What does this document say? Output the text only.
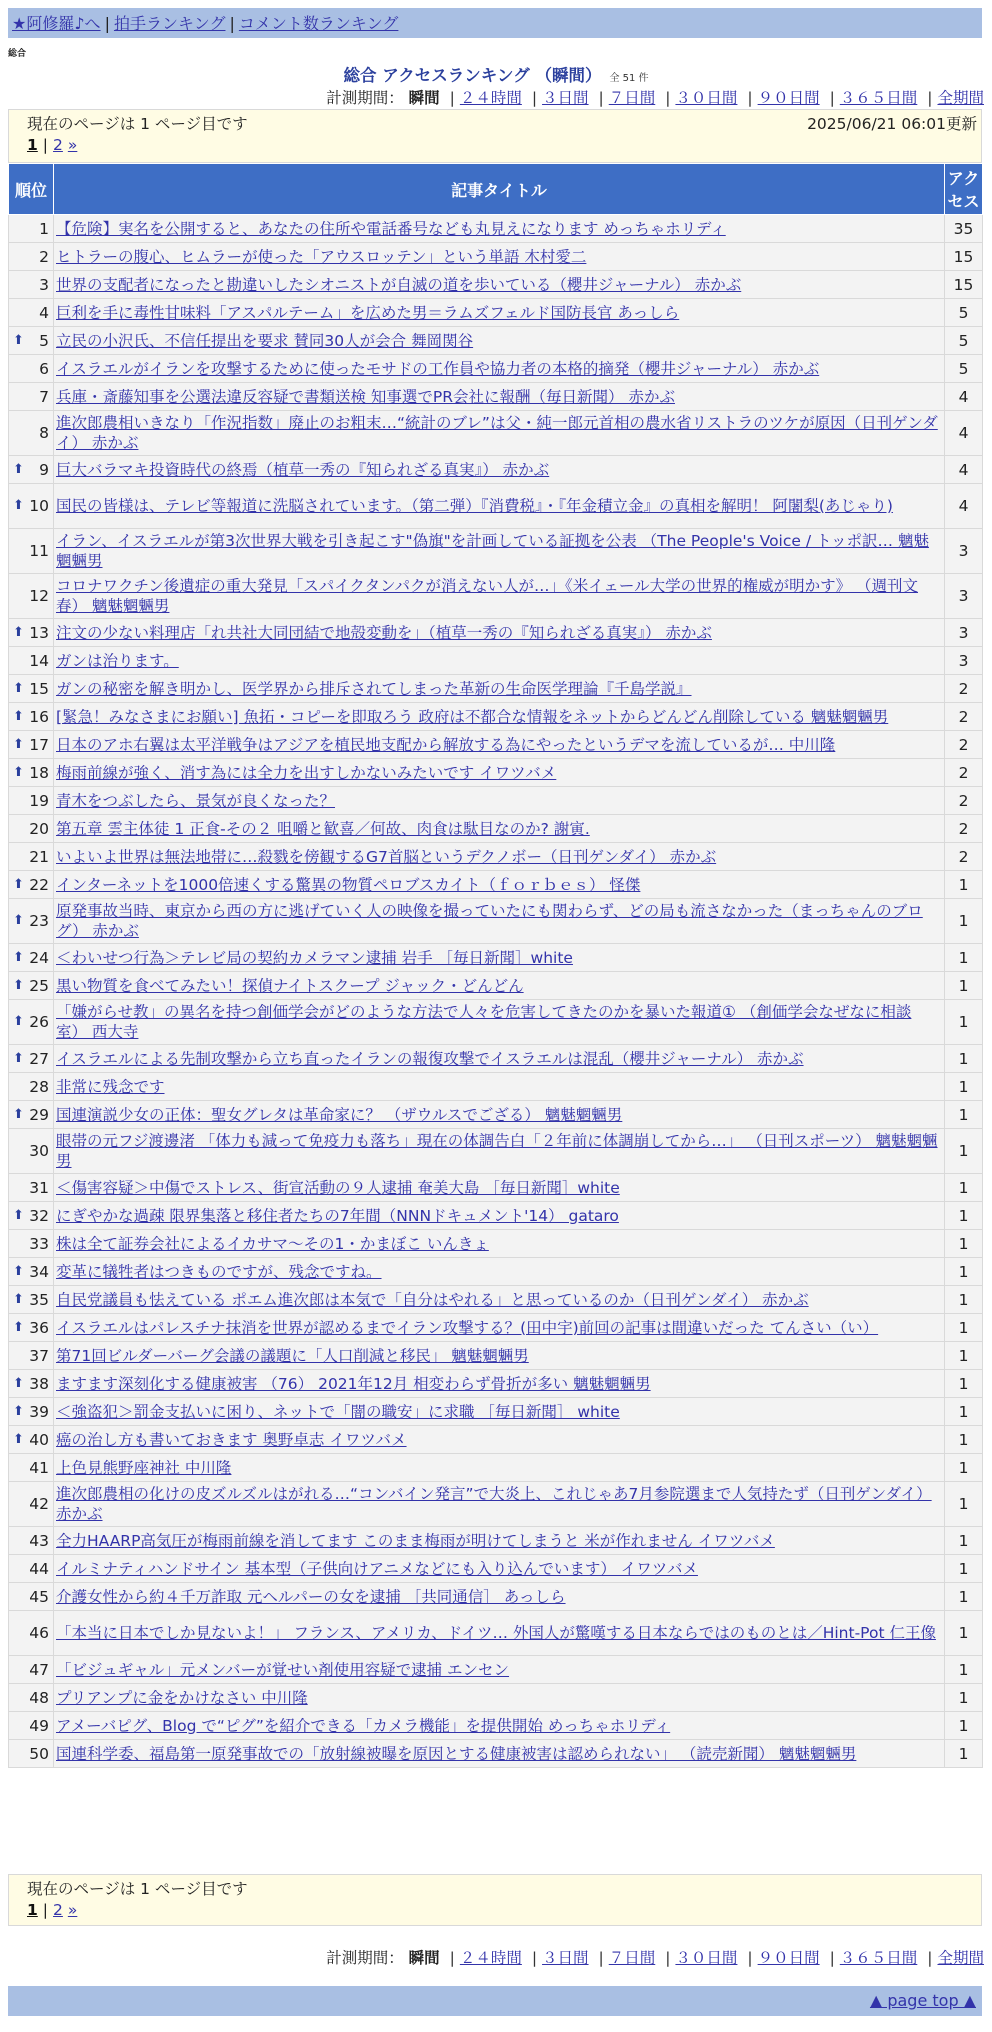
★阿修羅♪へ | 拍手ランキング | コメント数ランキング
総合
総合 アクセスランキング （瞬間） 全 51 件
計測期間： 瞬間 | ２４時間 | ３日間 | ７日間 | ３０日間 | ９０日間 | ３６５日間 | 全期間
現在のページは 1 ページ目です	2025/06/21 06:01更新
1 | 2 »
順位	記事タイトル	アクセス
1	【危険】実名を公開すると、あなたの住所や電話番号なども丸見えになります めっちゃホリディ	35
2	ヒトラーの腹心、ヒムラーが使った「アウスロッテン」という単語 木村愛二	15
3	世界の支配者になったと勘違いしたシオニストが自滅の道を歩いている（櫻井ジャーナル） 赤かぶ	15
4	巨利を手に毒性甘味料「アスパルテーム」を広めた男＝ラムズフェルド国防長官 あっしら	5

⬆ 5	立民の小沢氏、不信任提出を要求 賛同30人が会合 舞岡関谷	5
6	イスラエルがイランを攻撃するために使ったモサドの工作員や協力者の本格的摘発（櫻井ジャーナル） 赤かぶ	5
7	兵庫・斎藤知事を公選法違反容疑で書類送検 知事選でPR会社に報酬（毎日新聞） 赤かぶ	4
8	進次郎農相いきなり「作況指数」廃止のお粗末…“統計のブレ”は父・純一郎元首相の農水省リストラのツケが原因（日刊ゲンダイ） 赤かぶ	4

⬆ 9	巨大バラマキ投資時代の終焉（植草一秀の『知られざる真実』） 赤かぶ	4

⬆ 10	国民の皆様は、テレビ等報道に洗脳されています。（第二弾）『消費税』・『年金積立金』の真相を解明！ 阿闍梨(あじゃり)	4
11	イラン、イスラエルが第3次世界大戦を引き起こす"偽旗"を計画している証拠を公表 （The People's Voice / トッポ訳… 魑魅魍魎男	3
12	コロナワクチン後遺症の重大発見「スパイクタンパクが消えない人が…」《米イェール大学の世界的権威が明かす》 （週刊文春） 魑魅魍魎男	3

⬆ 13	注文の少ない料理店「れ共社大同団結で地殻変動を」（植草一秀の『知られざる真実』） 赤かぶ	3
14	ガンは治ります。	3

⬆ 15	ガンの秘密を解き明かし、医学界から排斥されてしまった革新の生命医学理論『千島学説』	2

⬆ 16	[緊急！みなさまにお願い] 魚拓・コピーを即取ろう 政府は不都合な情報をネットからどんどん削除している 魑魅魍魎男	2

⬆ 17	日本のアホ右翼は太平洋戦争はアジアを植民地支配から解放する為にやったというデマを流しているが… 中川隆	2

⬆ 18	梅雨前線が強く、消す為には全力を出すしかないみたいです イワツバメ	2
19	青木をつぶしたら、景気が良くなった？	2
20	第五章 雲主体徒 1 正食-その２ 咀嚼と歓喜／何故、肉食は駄目なのか? 謝寅.	2
21	いよいよ世界は無法地帯に…殺戮を傍観するG7首脳というデクノボー（日刊ゲンダイ） 赤かぶ	2

⬆ 22	インターネットを1000倍速くする驚異の物質ペロブスカイト（ｆｏｒｂｅｓ） 怪傑	1

⬆ 23	原発事故当時、東京から西の方に逃げていく人の映像を撮っていたにも関わらず、どの局も流さなかった（まっちゃんのブログ） 赤かぶ	1

⬆ 24	＜わいせつ行為＞テレビ局の契約カメラマン逮捕 岩手 ［毎日新聞］white	1

⬆ 25	黒い物質を食べてみたい！探偵ナイトスクープ ジャック・どんどん	1

⬆ 26	「嫌がらせ教」の異名を持つ創価学会がどのような方法で人々を危害してきたのかを暴いた報道① （創価学会なぜなに相談室） 西大寺	1

⬆ 27	イスラエルによる先制攻撃から立ち直ったイランの報復攻撃でイスラエルは混乱（櫻井ジャーナル） 赤かぶ	1
28	非常に残念です	1

⬆ 29	国連演説少女の正体：聖女グレタは革命家に？ （ザウルスでござる） 魑魅魍魎男	1
30	眼帯の元フジ渡邊渚 「体力も減って免疫力も落ち」現在の体調告白「２年前に体調崩してから…」 （日刊スポーツ） 魑魅魍魎男	1
31	＜傷害容疑＞中傷でストレス、街宣活動の９人逮捕 奄美大島 ［毎日新聞］white	1

⬆ 32	にぎやかな過疎 限界集落と移住者たちの7年間（NNNドキュメント'14） gataro	1
33	株は全て証券会社によるイカサマ〜その1・かまぼこ いんきょ	1

⬆ 34	変革に犠牲者はつきものですが、残念ですね。	1

⬆ 35	自民党議員も怯えている ポエム進次郎は本気で「自分はやれる」と思っているのか（日刊ゲンダイ） 赤かぶ	1

⬆ 36	イスラエルはパレスチナ抹消を世界が認めるまでイラン攻撃する？(田中宇)前回の記事は間違いだった てんさい（い）	1
37	第71回ビルダーバーグ会議の議題に「人口削減と移民」 魑魅魍魎男	1

⬆ 38	ますます深刻化する健康被害 （76） 2021年12月 相変わらず骨折が多い 魑魅魍魎男	1

⬆ 39	＜強盗犯＞罰金支払いに困り、ネットで「闇の職安」に求職 ［毎日新聞］ white	1

⬆ 40	癌の治し方も書いておきます 奥野卓志 イワツバメ	1
41	上色見熊野座神社 中川隆	1
42	進次郎農相の化けの皮ズルズルはがれる…“コンバイン発言”で大炎上、これじゃあ7月参院選まで人気持たず（日刊ゲンダイ） 赤かぶ	1
43	全力HAARP高気圧が梅雨前線を消してます このまま梅雨が明けてしまうと 米が作れません イワツバメ	1
44	イルミナティハンドサイン 基本型（子供向けアニメなどにも入り込んでいます） イワツバメ	1
45	介護女性から約４千万詐取 元ヘルパーの女を逮捕 ［共同通信］ あっしら	1
46	「本当に日本でしか見ないよ！」 フランス、アメリカ、ドイツ… 外国人が驚嘆する日本ならではのものとは／Hint-Pot 仁王像	1
47	「ビジュギャル」元メンバーが覚せい剤使用容疑で逮捕 エンセン	1
48	プリアンプに金をかけなさい 中川隆	1
49	アメーバピグ、Blog で“ピグ”を紹介できる「カメラ機能」を提供開始 めっちゃホリディ	1
50	国連科学委、福島第一原発事故での「放射線被曝を原因とする健康被害は認められない」 （読売新聞） 魑魅魍魎男	1
現在のページは 1 ページ目です
1 | 2 »
計測期間： 瞬間 | ２４時間 | ３日間 | ７日間 | ３０日間 | ９０日間 | ３６５日間 | 全期間
▲ page top ▲
